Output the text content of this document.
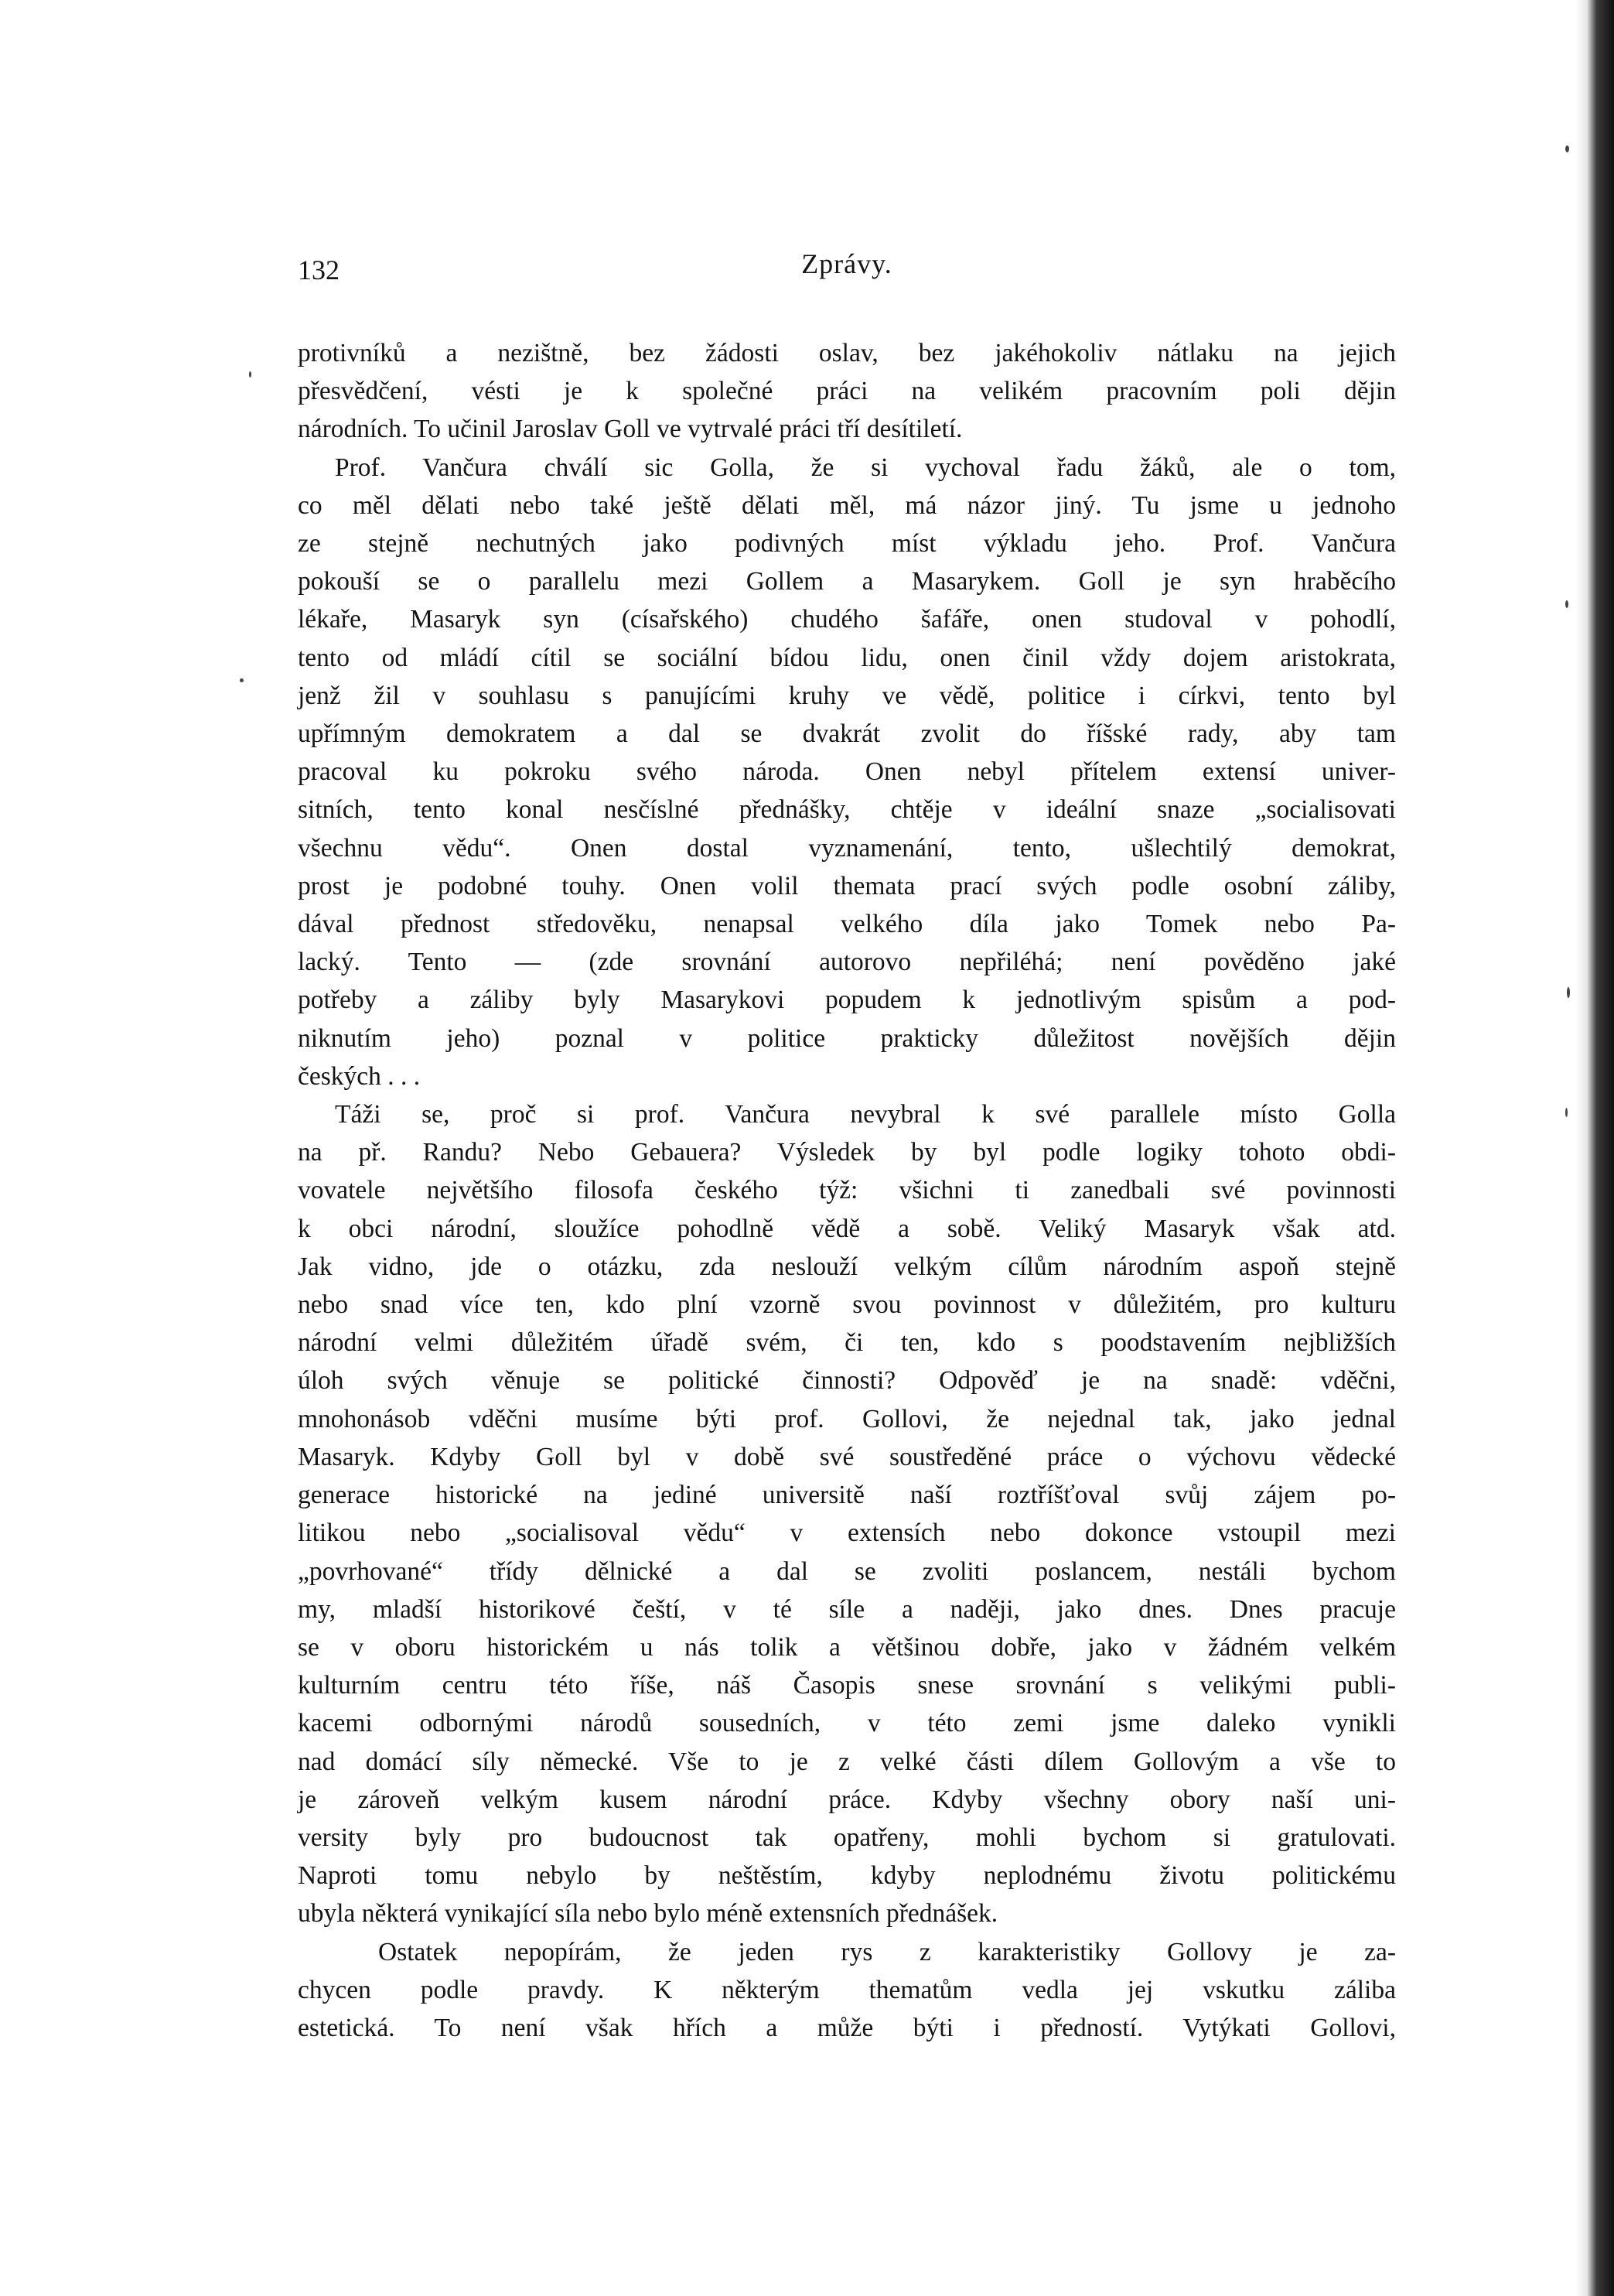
132	Zprávy.
protivníků a nezištně, bez žádosti oslav, bez jakéhokoliv nátlaku na jejich
přesvědčení, vésti je k společné práci na velikém pracovním poli dějin
národních. To učinil Jaroslav Goll ve vytrvalé práci tří desítiletí.
Prof. Vančura chválí sic Golla, že si vychoval řadu žáků, ale o tom,
co měl dělati nebo také ještě dělati měl, má názor jiný. Tu jsme u jednoho
ze stejně nechutných jako podivných míst výkladu jeho. Prof. Vančura
pokouší se o parallelu mezi Gollem a Masarykem. Goll je syn hraběcího
lékaře, Masaryk syn (císařského) chudého šafáře, onen studoval v pohodlí,
tento od mládí cítil se sociální bídou lidu, onen činil vždy dojem aristokrata,
jenž žil v souhlasu s panujícími kruhy ve vědě, politice i církvi, tento byl
upřímným demokratem a dal se dvakrát zvolit do říšské rady, aby tam
pracoval ku pokroku svého národa. Onen nebyl přítelem extensí univer-
sitních, tento konal nesčíslné přednášky, chtěje v ideální snaze „socialisovati
všechnu vědu“. Onen dostal vyznamenání, tento, ušlechtilý demokrat,
prost je podobné touhy. Onen volil themata prací svých podle osobní záliby,
dával přednost středověku, nenapsal velkého díla jako Tomek nebo Pa-
lacký. Tento — (zde srovnání autorovo nepřiléhá; není pověděno jaké
potřeby a záliby byly Masarykovi popudem k jednotlivým spisům a pod-
niknutím jeho) poznal v politice prakticky důležitost novějších dějin
českých . . .
Táži se, proč si prof. Vančura nevybral k své parallele místo Golla
na př. Randu? Nebo Gebauera? Výsledek by byl podle logiky tohoto obdi-
vovatele největšího filosofa českého týž: všichni ti zanedbali své povinnosti
k obci národní, sloužíce pohodlně vědě a sobě. Veliký Masaryk však atd.
Jak vidno, jde o otázku, zda neslouží velkým cílům národním aspoň stejně
nebo snad více ten, kdo plní vzorně svou povinnost v důležitém, pro kulturu
národní velmi důležitém úřadě svém, či ten, kdo s poodstavením nejbližších
úloh svých věnuje se politické činnosti? Odpověď je na snadě: vděčni,
mnohonásob vděčni musíme býti prof. Gollovi, že nejednal tak, jako jednal
Masaryk. Kdyby Goll byl v době své soustředěné práce o výchovu vědecké
generace historické na jediné universitě naší roztříšťoval svůj zájem po-
litikou nebo „socialisoval vědu“ v extensích nebo dokonce vstoupil mezi
„povrhované“ třídy dělnické a dal se zvoliti poslancem, nestáli bychom
my, mladší historikové čeští, v té síle a naději, jako dnes. Dnes pracuje
se v oboru historickém u nás tolik a většinou dobře, jako v žádném velkém
kulturním centru této říše, náš Časopis snese srovnání s velikými publi-
kacemi odbornými národů sousedních, v této zemi jsme daleko vynikli
nad domácí síly německé. Vše to je z velké části dílem Gollovým a vše to
je zároveň velkým kusem národní práce. Kdyby všechny obory naší uni-
versity byly pro budoucnost tak opatřeny, mohli bychom si gratulovati.
Naproti tomu nebylo by neštěstím, kdyby neplodnému životu politickému
ubyla některá vynikající síla nebo bylo méně extensních přednášek.
Ostatek nepopírám, že jeden rys z karakteristiky Gollovy je za-
chycen podle pravdy. K některým thematům vedla jej vskutku záliba
estetická. To není však hřích a může býti i předností. Vytýkati Gollovi,
